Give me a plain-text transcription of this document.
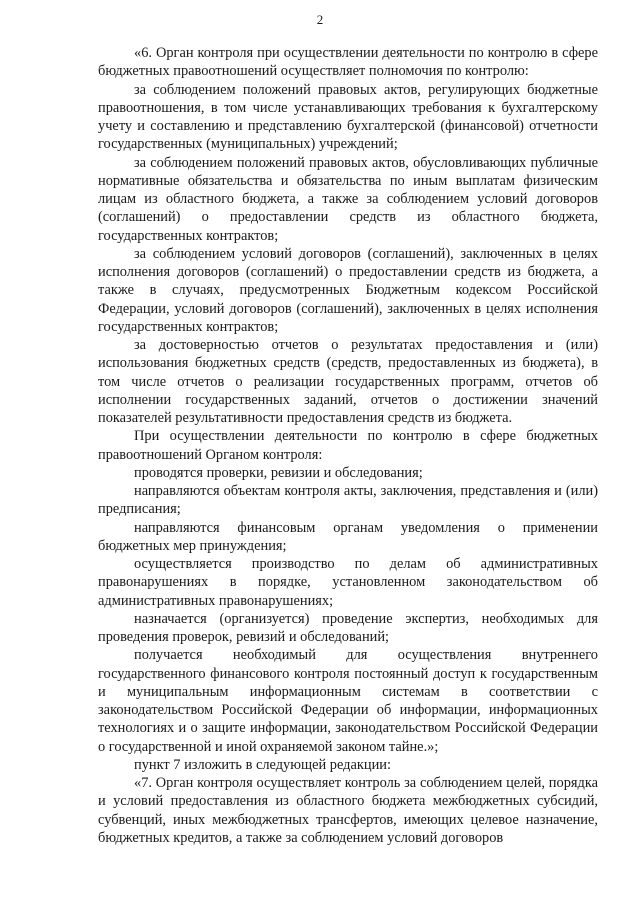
2

«6. Орган контроля при осуществлении деятельности по контролю в сфере бюджетных правоотношений осуществляет полномочия по контролю:

за соблюдением положений правовых актов, регулирующих бюджетные правоотношения, в том числе устанавливающих требования к бухгалтерскому учету и составлению и представлению бухгалтерской (финансовой) отчетности государственных (муниципальных) учреждений;

за соблюдением положений правовых актов, обусловливающих публичные нормативные обязательства и обязательства по иным выплатам физическим лицам из областного бюджета, а также за соблюдением условий договоров (соглашений) о предоставлении средств из областного бюджета, государственных контрактов;

за соблюдением условий договоров (соглашений), заключенных в целях исполнения договоров (соглашений) о предоставлении средств из бюджета, а также в случаях, предусмотренных Бюджетным кодексом Российской Федерации, условий договоров (соглашений), заключенных в целях исполнения государственных контрактов;

за достоверностью отчетов о результатах предоставления и (или) использования бюджетных средств (средств, предоставленных из бюджета), в том числе отчетов о реализации государственных программ, отчетов об исполнении государственных заданий, отчетов о достижении значений показателей результативности предоставления средств из бюджета.

При осуществлении деятельности по контролю в сфере бюджетных правоотношений Органом контроля:

проводятся проверки, ревизии и обследования;

направляются объектам контроля акты, заключения, представления и (или) предписания;

направляются финансовым органам уведомления о применении бюджетных мер принуждения;

осуществляется производство по делам об административных правонарушениях в порядке, установленном законодательством об административных правонарушениях;

назначается (организуется) проведение экспертиз, необходимых для проведения проверок, ревизий и обследований;

получается необходимый для осуществления внутреннего государственного финансового контроля постоянный доступ к государственным и муниципальным информационным системам в соответствии с законодательством Российской Федерации об информации, информационных технологиях и о защите информации, законодательством Российской Федерации о государственной и иной охраняемой законом тайне.»;

пункт 7 изложить в следующей редакции:

«7. Орган контроля осуществляет контроль за соблюдением целей, порядка и условий предоставления из областного бюджета межбюджетных субсидий, субвенций, иных межбюджетных трансфертов, имеющих целевое назначение, бюджетных кредитов, а также за соблюдением условий договоров
